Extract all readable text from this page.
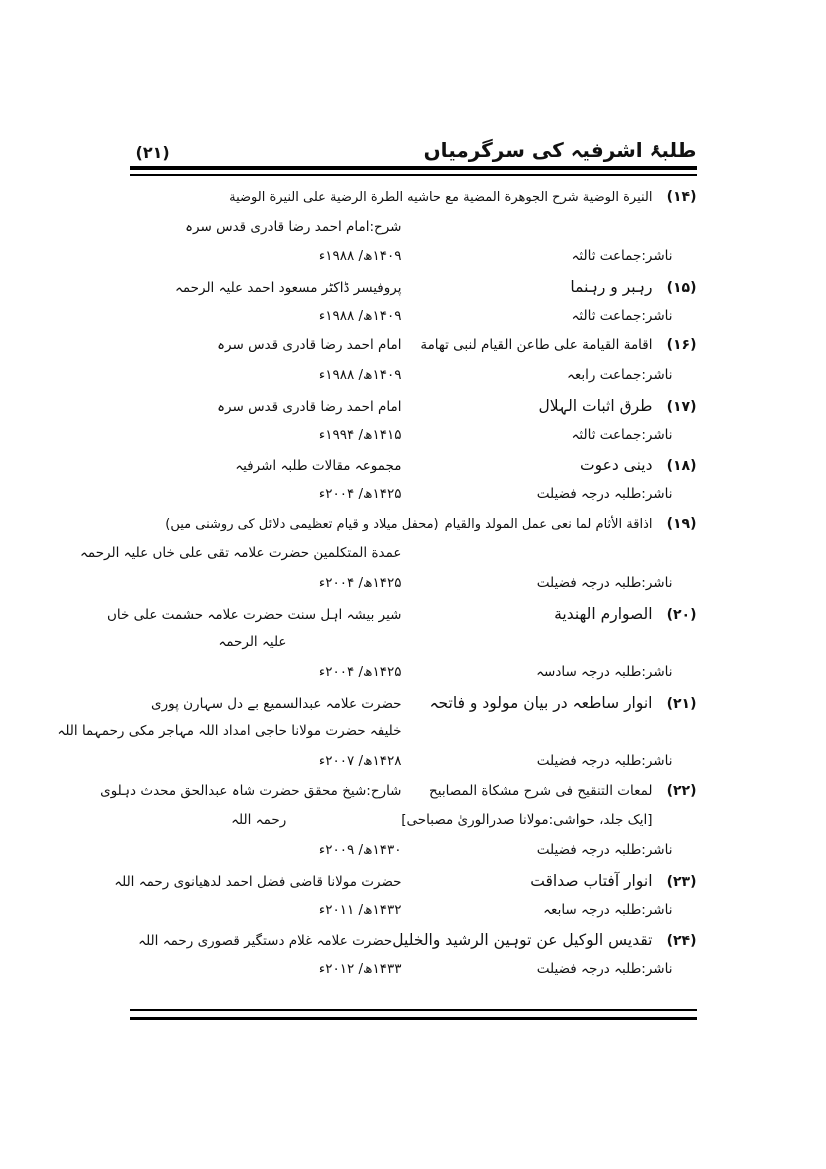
طلبۂ اشرفیہ کی سرگرمیاں
(۲۱)
(۱۴)
النيرة الوضية شرح الجوهرة المضية مع حاشيه الطرة الرضية على النيرة الوضية
شرح:امام احمد رضا قادری قدس سرہ
ناشر:جماعت ثالثہ
۱۴۰۹ھ/ ۱۹۸۸ء
(۱۵)
رہبر و رہنما
پروفیسر ڈاکٹر مسعود احمد علیہ الرحمہ
ناشر:جماعت ثالثہ
۱۴۰۹ھ/ ۱۹۸۸ء
(۱۶)
اقامة القيامة على طاعن القيام لنبی تهامة
امام احمد رضا قادری قدس سرہ
ناشر:جماعت رابعہ
۱۴۰۹ھ/ ۱۹۸۸ء
(۱۷)
طرق اثبات الہلال
امام احمد رضا قادری قدس سرہ
ناشر:جماعت ثالثہ
۱۴۱۵ھ/ ۱۹۹۴ء
(۱۸)
دینی دعوت
مجموعہ مقالات طلبہ اشرفیہ
ناشر:طلبہ درجہ فضیلت
۱۴۲۵ھ/ ۲۰۰۴ء
(۱۹)
اذاقة الأثام لما نعی عمل المولد والقيام
(محفل میلاد و قیام تعظیمی دلائل کی روشنی میں)
عمدة المتکلمین حضرت علامہ تقی علی خاں علیہ الرحمہ
ناشر:طلبہ درجہ فضیلت
۱۴۲۵ھ/ ۲۰۰۴ء
(۲۰)
الصوارم الهندية
شیر بیشہ اہل سنت حضرت علامہ حشمت علی خاں
علیہ الرحمہ
ناشر:طلبہ درجہ سادسہ
۱۴۲۵ھ/ ۲۰۰۴ء
(۲۱)
انوار ساطعہ در بیان مولود و فاتحہ
حضرت علامہ عبدالسمیع بے دل سہارن پوری
خلیفہ حضرت مولانا حاجی امداد اللہ مہاجر مکی رحمہما اللہ
ناشر:طلبہ درجہ فضیلت
۱۴۲۸ھ/ ۲۰۰۷ء
(۲۲)
لمعات التنقیح فی شرح مشكاة المصابیح
شارح:شیخ محقق حضرت شاہ عبدالحق محدث دہلوی
[ایک جلد، حواشی:مولانا صدرالوریٰ مصباحی]
رحمہ اللہ
ناشر:طلبہ درجہ فضیلت
۱۴۳۰ھ/ ۲۰۰۹ء
(۲۳)
انوار آفتاب صداقت
حضرت مولانا قاضی فضل احمد لدھیانوی رحمہ اللہ
ناشر:طلبہ درجہ سابعہ
۱۴۳۲ھ/ ۲۰۱۱ء
(۲۴)
تقدیس الوکیل عن توہین الرشید والخلیل
حضرت علامہ غلام دستگیر قصوری رحمہ اللہ
ناشر:طلبہ درجہ فضیلت
۱۴۳۳ھ/ ۲۰۱۲ء
